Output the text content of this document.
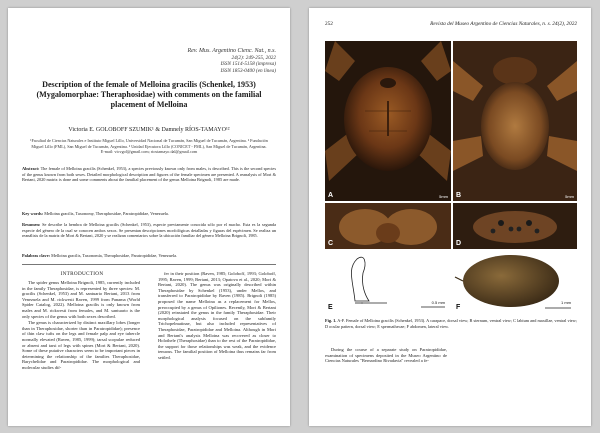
Rev. Mus. Argentino Cienc. Nat., n.s.
24(2): 249-255, 2022
ISSN 1514-5158 (impresa)
ISSN 1853-0400 (en línea)
Description of the female of Melloina gracilis (Schenkel, 1953)
(Mygalomorphae: Theraphosidae) with comments on the familial
placement of Melloina
Victoria E. GOLOBOFF SZUMIK¹ & Damnely RÍOS-TAMAYO¹²
¹Facultad de Ciencias Naturales e Instituto Miguel Lillo, Universidad Nacional de Tucumán, San Miguel de Tucumán, Argentina. ² Fundación Miguel Lillo (FML), San Miguel de Tucumán, Argentina. ³ Unidad Ejecutora Lillo (CONICET - FML), San Miguel de Tucumán, Argentina. E-mail: vicvgol@gmail.com; riostamayo.dal@gmail.com
Abstract: The female of Melloina gracilis (Schenkel, 1953), a species previously known only from males, is described. This is the second species of the genus known from both sexes. Detailed morphological description and figures of the female specimen are presented. A reanalysis of Mori & Bertani, 2020 matrix is done and some comments about the familial placement of the genus Melloina Brignoli, 1985 are made.
Key words: Melloina gracilis, Taxonomy, Theraphosidae, Paratropididae, Venezuela.
Resumen: Se describe la hembra de Melloina gracilis (Schenkel, 1953), especie previamente conocida sólo por el macho. Esta es la segunda especie del género de la cual se conocen ambos sexos. Se presentan descripciones morfológicas detalladas y figuras del espécimen. Se realiza un reanálisis de la matriz de Mori & Bertani, 2020 y se realizan comentarios sobre la ubicación familiar del género Melloina Brignoli, 1985.
Palabras clave: Melloina gracilis, Taxonomía, Theraphosidae, Paratropididae, Venezuela.
INTRODUCTION

The spider genus Melloina Brignoli, 1985, currently included in the family Theraphosidae, is represented by three species: M. gracilis (Schenkel, 1953) and M. santuario Bertani, 2013 from Venezuela and M. rickwesti Raven, 1999 from Panama (World Spider Catalog, 2022). Melloina gracilis is only known from males and M. rickwesti from females, and M. santuario is the only species of the genus with both sexes described.

The genus is characterized by distinct maxillary lobes (longer than in Theraphosidae, shorter than in Paratropididae); presence of thin claw tufts on the legs and female palp and eye tubercle normally elevated (Raven, 1985, 1999); tarsal scopulae reduced or absent and tarsi of legs with spines (Mori & Bertani, 2020). Some of these putative characters seem to be important pieces in determining the relationship of the families Theraphosidae, Barychelidae and Paratropididae. The morphological and molecular studies dif-

fer in their position (Raven, 1985; Goloboff, 1993; Goloboff, 1995; Raven, 1999; Bertani, 2013; Opatova et al., 2020; Mori & Bertani, 2020). The genus was originally described within Theraphosidae by Schenkel (1953), under Mellos, and transferred to Paratropididae by Raven (1985). Brignoli (1985) proposed the name Melloina as a replacement for Mellos, preoccupied by a genus of Opiliones. Recently, Mori & Bertani (2020) reinstated the genus in the family Theraphosidae. Their morphological analysis focused on the subfamily Trichopelmatinae, but also included representatives of Theraphosidae, Paratropididae and Melloina. Although in Mori and Bertani's analysis Melloina was recovered as closer to Holothele (Theraphosidae) than to the rest of the Paratropididae, the support for those relationships was weak, and the evidence tenuous. The familial position of Melloina thus remains far from settled.

252	Revista del Museo Argentino de Ciencias Naturales, n. s. 24(2), 2022
A	5mm B	5mm
C	D
E
0.5 mm
F
1 mm
Fig. 1. A-F. Female of Melloina gracilis (Schenkel, 1953). A carapace, dorsal view; B sternum, ventral view; C labium and maxillae, ventral view; D ocular pattern, dorsal view; E spermathecae; F abdomen, lateral view.

During the course of a separate study on Paratropididae, examination of specimens deposited in the Museo Argentino de Ciencias Naturales "Bernardino Rivadavia" revealed a fe-
